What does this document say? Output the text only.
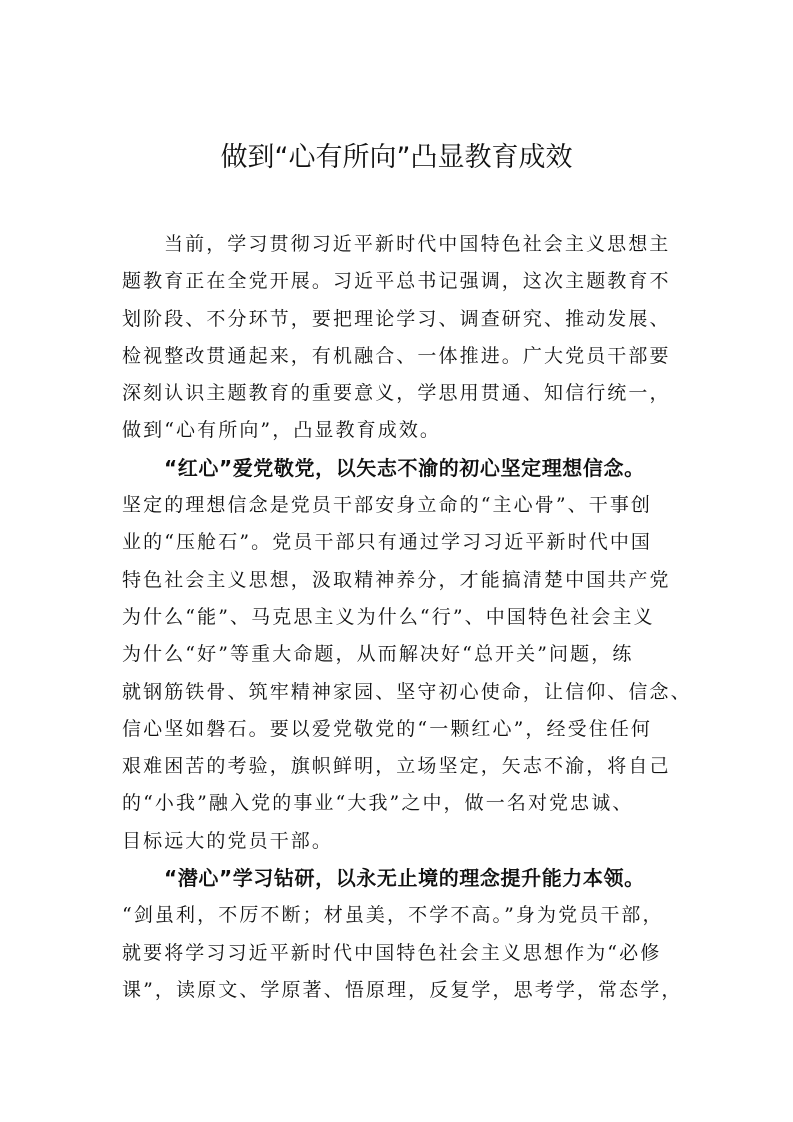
做到“心有所向”凸显教育成效
当前，学习贯彻习近平新时代中国特色社会主义思想主
题教育正在全党开展。习近平总书记强调，这次主题教育不
划阶段、不分环节，要把理论学习、调查研究、推动发展、
检视整改贯通起来，有机融合、一体推进。广大党员干部要
深刻认识主题教育的重要意义，学思用贯通、知信行统一，
做到“心有所向”，凸显教育成效。
“红心”爱党敬党，以矢志不渝的初心坚定理想信念。
坚定的理想信念是党员干部安身立命的“主心骨”、干事创
业的“压舱石”。党员干部只有通过学习习近平新时代中国
特色社会主义思想，汲取精神养分，才能搞清楚中国共产党
为什么“能”、马克思主义为什么“行”、中国特色社会主义
为什么“好”等重大命题，从而解决好“总开关”问题，练
就钢筋铁骨、筑牢精神家园、坚守初心使命，让信仰、信念、
信心坚如磐石。要以爱党敬党的“一颗红心”，经受住任何
艰难困苦的考验，旗帜鲜明，立场坚定，矢志不渝，将自己
的“小我”融入党的事业“大我”之中，做一名对党忠诚、
目标远大的党员干部。
“潜心”学习钻研，以永无止境的理念提升能力本领。
“剑虽利，不厉不断；材虽美，不学不高。”身为党员干部，
就要将学习习近平新时代中国特色社会主义思想作为“必修
课”，读原文、学原著、悟原理，反复学，思考学，常态学，
